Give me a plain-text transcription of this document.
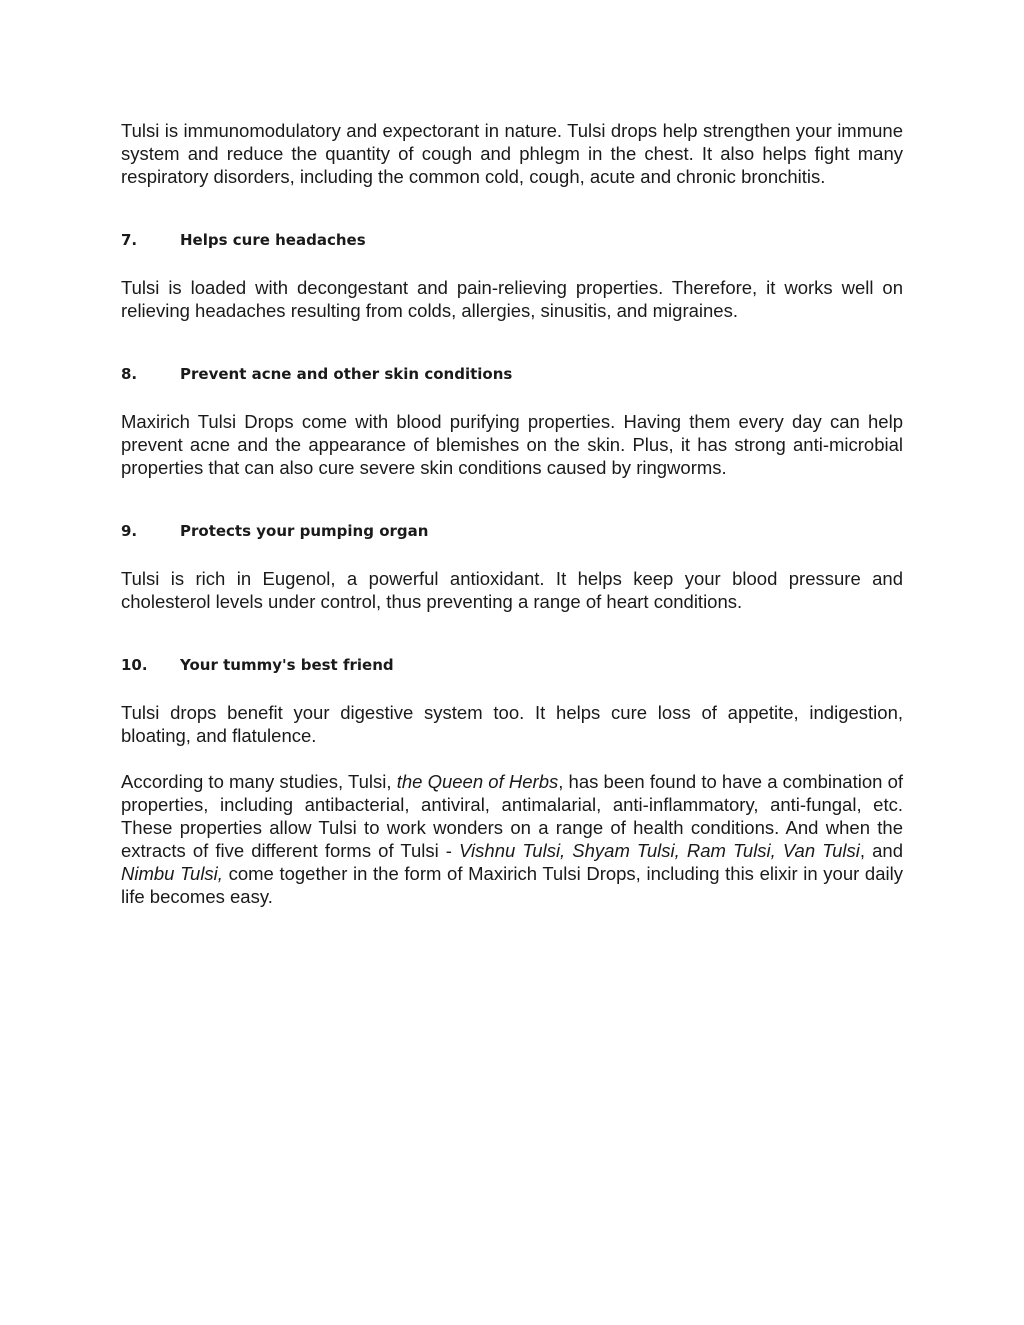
Tulsi is immunomodulatory and expectorant in nature. Tulsi drops help strengthen your immune system and reduce the quantity of cough and phlegm in the chest. It also helps fight many respiratory disorders, including the common cold, cough, acute and chronic bronchitis.

7.	Helps cure headaches

Tulsi is loaded with decongestant and pain-relieving properties. Therefore, it works well on relieving headaches resulting from colds, allergies, sinusitis, and migraines.

8.	Prevent acne and other skin conditions

Maxirich Tulsi Drops come with blood purifying properties. Having them every day can help prevent acne and the appearance of blemishes on the skin. Plus, it has strong anti-microbial properties that can also cure severe skin conditions caused by ringworms.

9.	Protects your pumping organ

Tulsi is rich in Eugenol, a powerful antioxidant. It helps keep your blood pressure and cholesterol levels under control, thus preventing a range of heart conditions.

10.	Your tummy's best friend

Tulsi drops benefit your digestive system too. It helps cure loss of appetite, indigestion, bloating, and flatulence.

According to many studies, Tulsi, the Queen of Herbs, has been found to have a combination of properties, including antibacterial, antiviral, antimalarial, anti-inflammatory, anti-fungal, etc. These properties allow Tulsi to work wonders on a range of health conditions. And when the extracts of five different forms of Tulsi - Vishnu Tulsi, Shyam Tulsi, Ram Tulsi, Van Tulsi, and Nimbu Tulsi, come together in the form of Maxirich Tulsi Drops, including this elixir in your daily life becomes easy.
